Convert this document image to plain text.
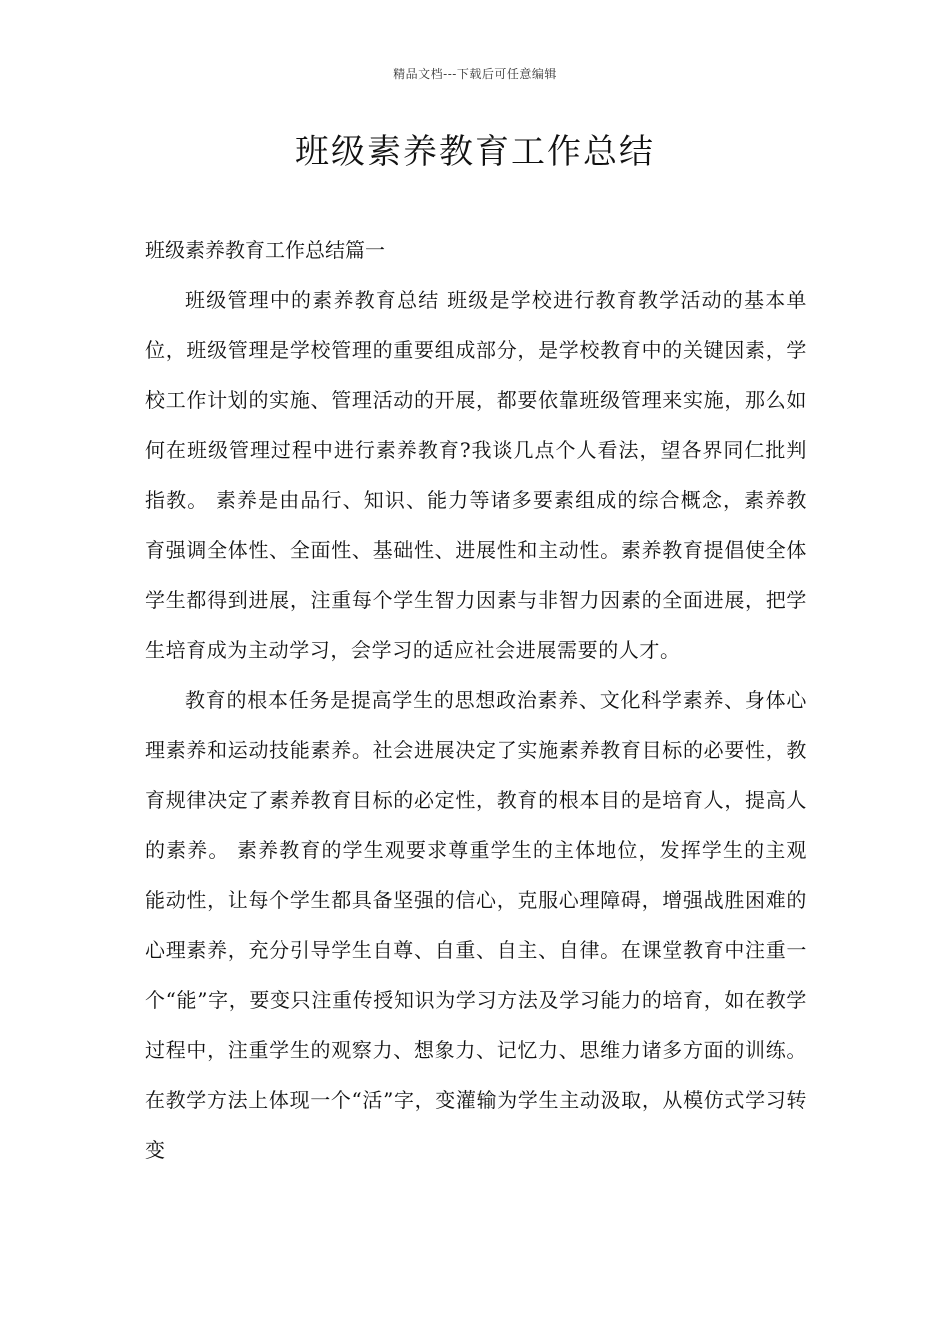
精品文档---下载后可任意编辑
班级素养教育工作总结

班级素养教育工作总结篇一

班级管理中的素养教育总结 班级是学校进行教育教学活动的基本单位，班级管理是学校管理的重要组成部分，是学校教育中的关键因素，学校工作计划的实施、管理活动的开展，都要依靠班级管理来实施，那么如何在班级管理过程中进行素养教育?我谈几点个人看法，望各界同仁批判指教。 素养是由品行、知识、能力等诸多要素组成的综合概念，素养教育强调全体性、全面性、基础性、进展性和主动性。素养教育提倡使全体学生都得到进展，注重每个学生智力因素与非智力因素的全面进展，把学生培育成为主动学习，会学习的适应社会进展需要的人才。

教育的根本任务是提高学生的思想政治素养、文化科学素养、身体心理素养和运动技能素养。社会进展决定了实施素养教育目标的必要性，教育规律决定了素养教育目标的必定性，教育的根本目的是培育人，提高人的素养。 素养教育的学生观要求尊重学生的主体地位，发挥学生的主观能动性，让每个学生都具备坚强的信心，克服心理障碍，增强战胜困难的心理素养，充分引导学生自尊、自重、自主、自律。在课堂教育中注重一个“能”字，要变只注重传授知识为学习方法及学习能力的培育，如在教学过程中，注重学生的观察力、想象力、记忆力、思维力诸多方面的训练。在教学方法上体现一个“活”字，变灌输为学生主动汲取，从模仿式学习转变
